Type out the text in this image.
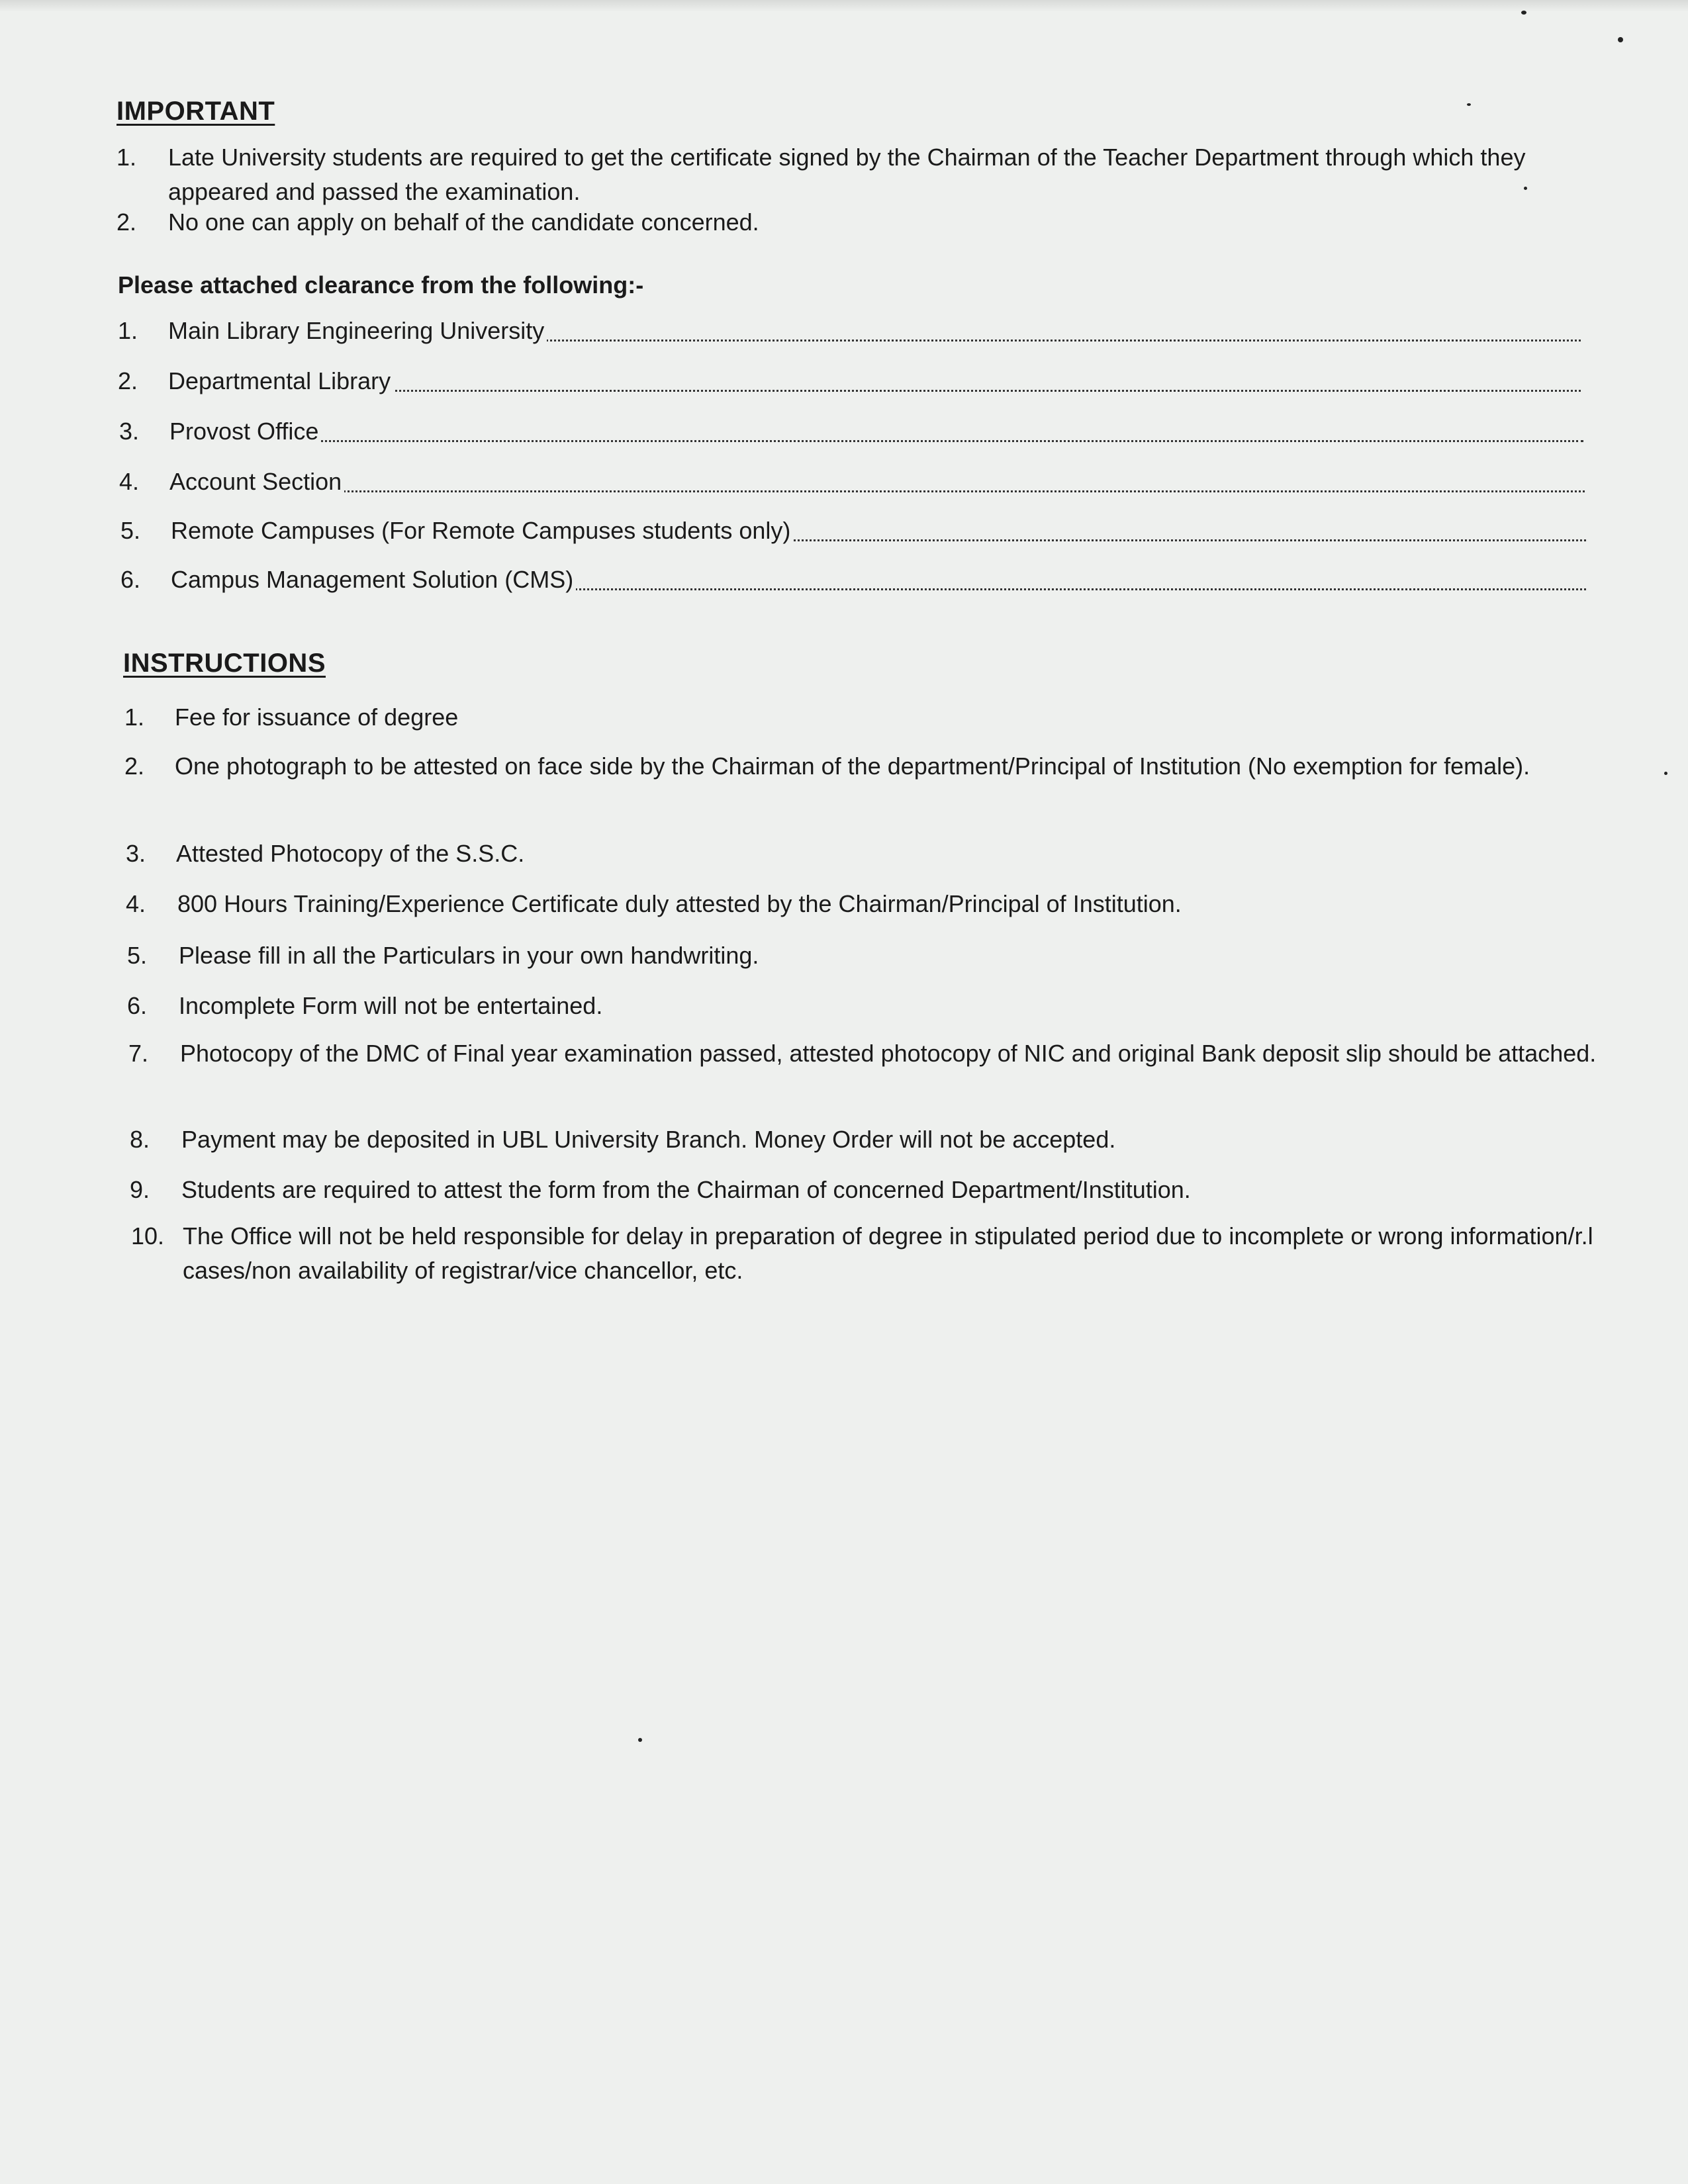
IMPORTANT
1.	Late University students are required to get the certificate signed by the Chairman of the Teacher Department through which they appeared and passed the examination.
2.	No one can apply on behalf of the candidate concerned.
Please attached clearance from the following:-
1. Main Library Engineering University
2. Departmental Library
3. Provost Office
4. Account Section
5. Remote Campuses (For Remote Campuses students only)
6. Campus Management Solution (CMS)
INSTRUCTIONS
1.	Fee for issuance of degree
2.	One photograph to be attested on face side by the Chairman of the department/Principal of Institution (No exemption for female).
3.	Attested Photocopy of the S.S.C.
4.	800 Hours Training/Experience Certificate duly attested by the Chairman/Principal of Institution.
5.	Please fill in all the Particulars in your own handwriting.
6.	Incomplete Form will not be entertained.
7.	Photocopy of the DMC of Final year examination passed, attested photocopy of NIC and original Bank deposit slip should be attached.
8.	Payment may be deposited in UBL University Branch. Money Order will not be accepted.
9.	Students are required to attest the form from the Chairman of concerned Department/Institution.
10. The Office will not be held responsible for delay in preparation of degree in stipulated period due to incomplete or wrong information/r.l cases/non availability of registrar/vice chancellor, etc.
